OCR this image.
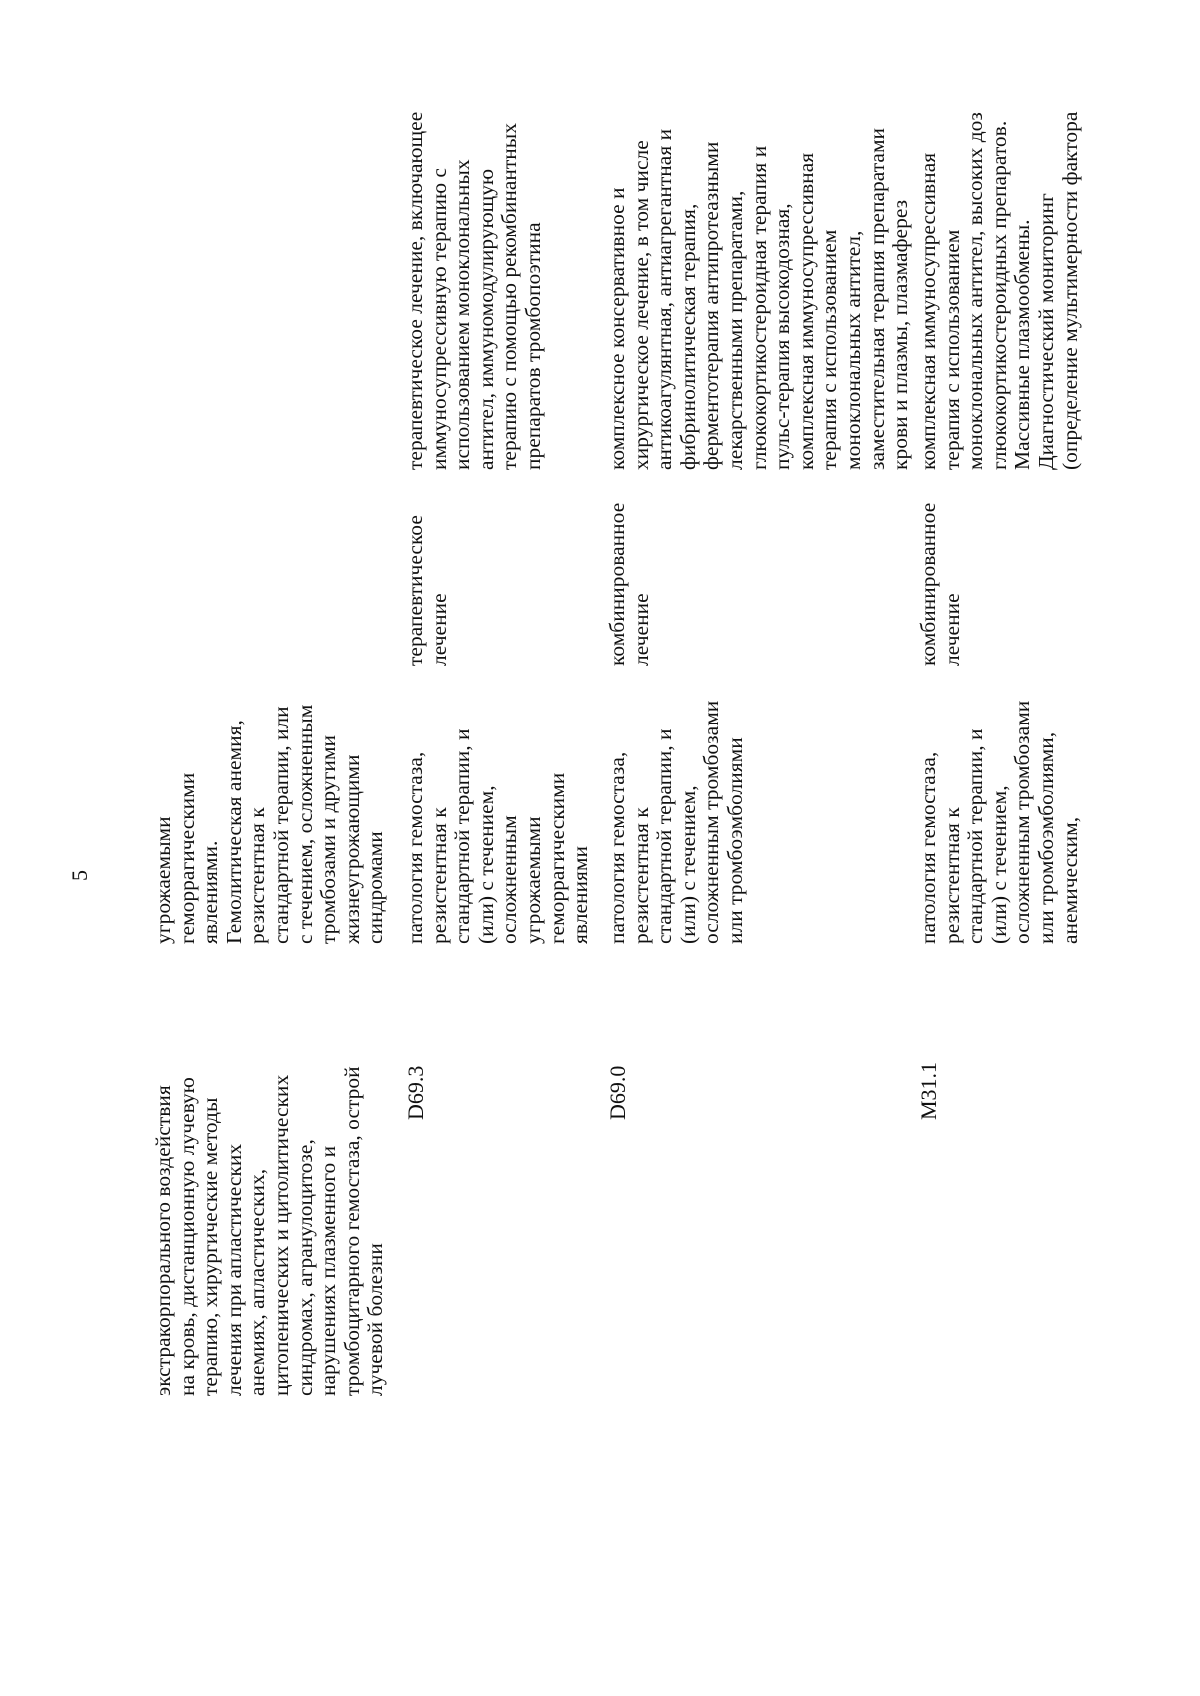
5
экстракорпорального воздействия
на кровь, дистанционную лучевую
терапию, хирургические методы
лечения при апластических
анемиях, апластических,
цитопенических и цитолитических
синдромах, агранулоцитозе,
нарушениях плазменного и
тромбоцитарного гемостаза, острой
лучевой болезни
угрожаемыми
геморрагическими
явлениями.
Гемолитическая анемия,
резистентная к
стандартной терапии, или
с течением, осложненным
тромбозами и другими
жизнеугрожающими
синдромами
D69.3
патология гемостаза,
резистентная к
стандартной терапии, и
(или) с течением,
осложненным
угрожаемыми
геморрагическими
явлениями
терапевтическое
лечение
терапевтическое лечение, включающее
иммуносупрессивную терапию с
использованием моноклональных
антител, иммуномодулирующую
терапию с помощью рекомбинантных
препаратов тромбопоэтина
D69.0
патология гемостаза,
резистентная к
стандартной терапии, и
(или) с течением,
осложненным тромбозами
или тромбоэмболиями
комбинированное
лечение
комплексное консервативное и
хирургическое лечение, в том числе
антикоагулянтная, антиагрегантная и
фибринолитическая терапия,
ферментотерапия антипротеазными
лекарственными препаратами,
глюкокортикостероидная терапия и
пульс-терапия высокодозная,
комплексная иммуносупрессивная
терапия с использованием
моноклональных антител,
заместительная терапия препаратами
крови и плазмы, плазмаферез
M31.1
патология гемостаза,
резистентная к
стандартной терапии, и
(или) с течением,
осложненным тромбозами
или тромбоэмболиями,
анемическим,
комбинированное
лечение
комплексная иммуносупрессивная
терапия с использованием
моноклональных антител, высоких доз
глюкокортикостероидных препаратов.
Массивные плазмообмены.
Диагностический мониторинг
(определение мультимерности фактора
